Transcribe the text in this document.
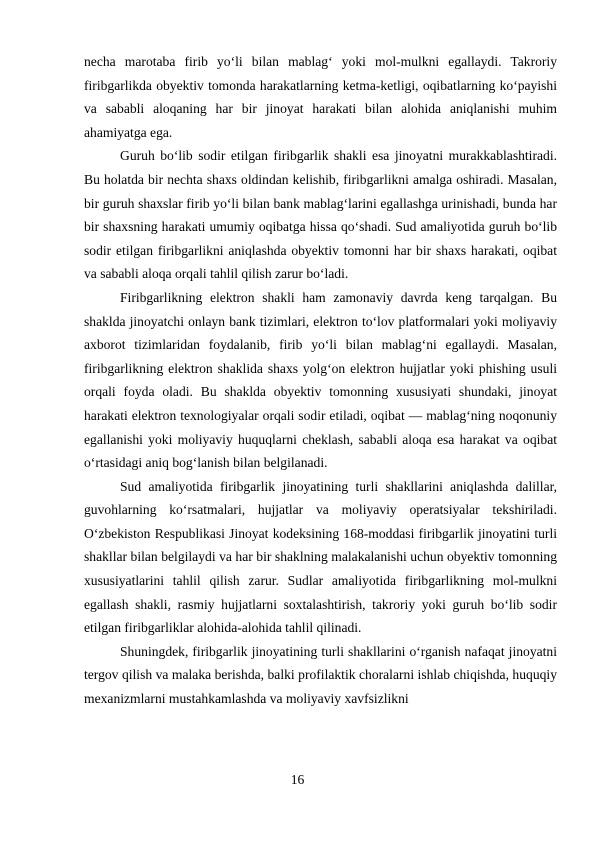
necha marotaba firib yo‘li bilan mablag‘ yoki mol-mulkni egallaydi. Takroriy firibgarlikda obyektiv tomonda harakatlarning ketma-ketligi, oqibatlarning ko‘payishi va sababli aloqaning har bir jinoyat harakati bilan alohida aniqlanishi muhim ahamiyatga ega.

Guruh bo‘lib sodir etilgan firibgarlik shakli esa jinoyatni murakkablashtiradi. Bu holatda bir nechta shaxs oldindan kelishib, firibgarlikni amalga oshiradi. Masalan, bir guruh shaxslar firib yo‘li bilan bank mablag‘larini egallashga urinishadi, bunda har bir shaxsning harakati umumiy oqibatga hissa qo‘shadi. Sud amaliyotida guruh bo‘lib sodir etilgan firibgarlikni aniqlashda obyektiv tomonni har bir shaxs harakati, oqibat va sababli aloqa orqali tahlil qilish zarur bo‘ladi.

Firibgarlikning elektron shakli ham zamonaviy davrda keng tarqalgan. Bu shaklda jinoyatchi onlayn bank tizimlari, elektron to‘lov platformalari yoki moliyaviy axborot tizimlaridan foydalanib, firib yo‘li bilan mablag‘ni egallaydi. Masalan, firibgarlikning elektron shaklida shaxs yolg‘on elektron hujjatlar yoki phishing usuli orqali foyda oladi. Bu shaklda obyektiv tomonning xususiyati shundaki, jinoyat harakati elektron texnologiyalar orqali sodir etiladi, oqibat — mablag‘ning noqonuniy egallanishi yoki moliyaviy huquqlarni cheklash, sababli aloqa esa harakat va oqibat o‘rtasidagi aniq bog‘lanish bilan belgilanadi.

Sud amaliyotida firibgarlik jinoyatining turli shakllarini aniqlashda dalillar, guvohlarning ko‘rsatmalari, hujjatlar va moliyaviy operatsiyalar tekshiriladi. O‘zbekiston Respublikasi Jinoyat kodeksining 168-moddasi firibgarlik jinoyatini turli shakllar bilan belgilaydi va har bir shaklning malakalanishi uchun obyektiv tomonning xususiyatlarini tahlil qilish zarur. Sudlar amaliyotida firibgarlikning mol-mulkni egallash shakli, rasmiy hujjatlarni soxtalashtirish, takroriy yoki guruh bo‘lib sodir etilgan firibgarliklar alohida-alohida tahlil qilinadi.

Shuningdek, firibgarlik jinoyatining turli shakllarini o‘rganish nafaqat jinoyatni tergov qilish va malaka berishda, balki profilaktik choralarni ishlab chiqishda, huquqiy mexanizmlarni mustahkamlashda va moliyaviy xavfsizlikni

16
